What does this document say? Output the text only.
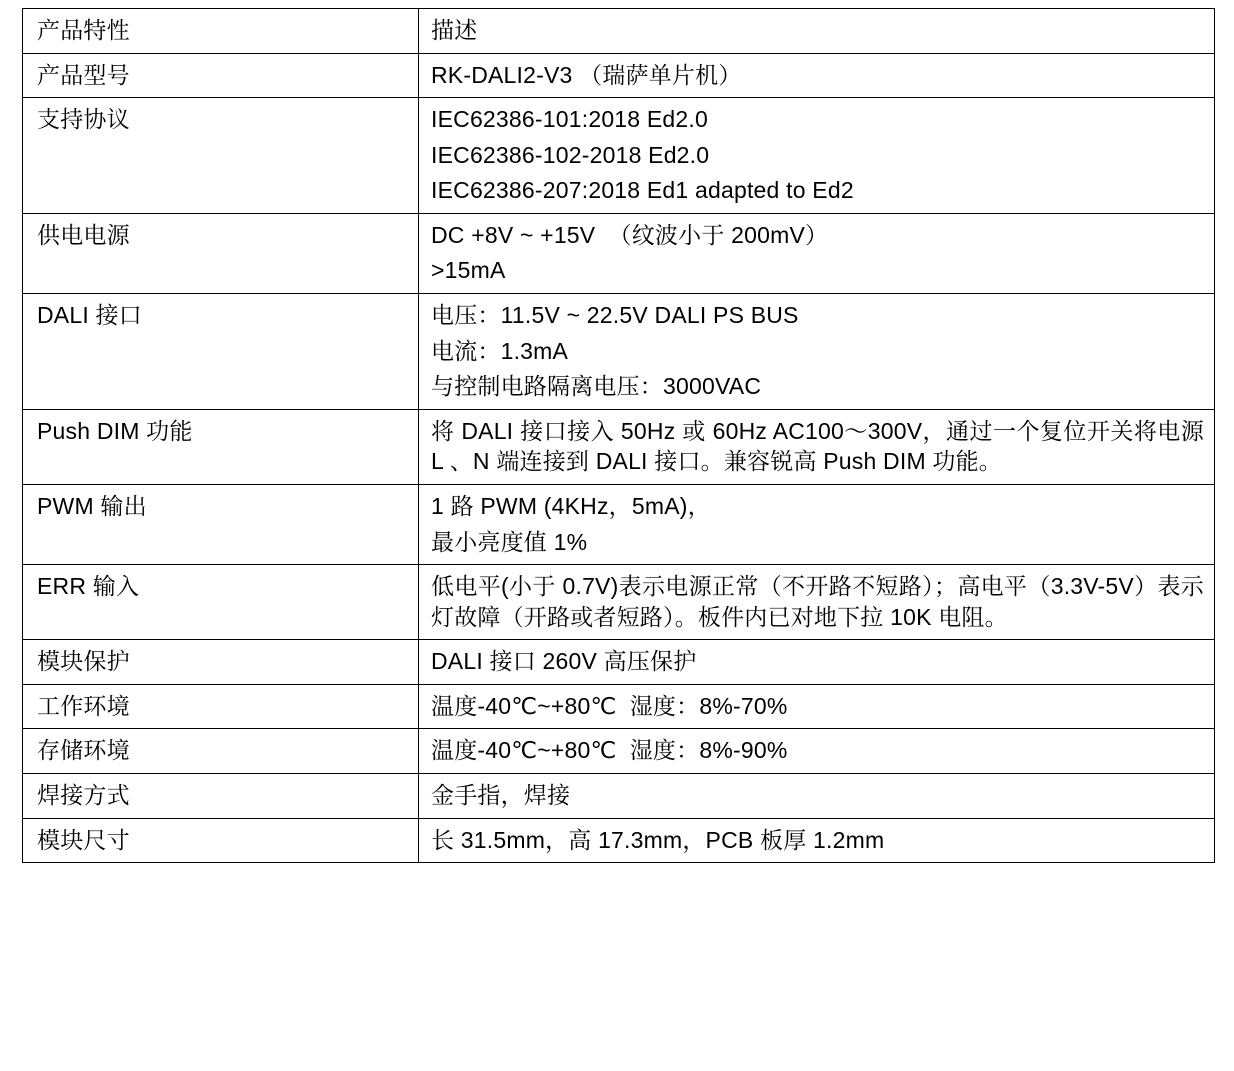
产品特性	描述
产品型号	RK-DALI2-V3 （瑞萨单片机）

支持协议	IEC62386-101:2018 Ed2.0
IEC62386-102-2018 Ed2.0
IEC62386-207:2018 Ed1 adapted to Ed2

供电电源	DC +8V ~ +15V  （纹波小于 200mV）
>15mA

DALI 接口	电压：11.5V ~ 22.5V DALI PS BUS
电流：1.3mA
与控制电路隔离电压：3000VAC

Push DIM 功能	将 DALI 接口接入 50Hz 或 60Hz AC100～300V，通过一个复位开关将电源 L 、N 端连接到 DALI 接口。兼容锐高 Push DIM 功能。

PWM 输出	1 路 PWM (4KHz，5mA)，
最小亮度值 1%

ERR 输入	低电平(小于 0.7V)表示电源正常（不开路不短路）；高电平（3.3V-5V）表示灯故障（开路或者短路）。板件内已对地下拉 10K 电阻。

模块保护	DALI 接口 260V 高压保护

工作环境	温度-40℃~+80℃  湿度：8%-70%

存储环境	温度-40℃~+80℃  湿度：8%-90%

焊接方式	金手指，焊接

模块尺寸	长 31.5mm，高 17.3mm，PCB 板厚 1.2mm
